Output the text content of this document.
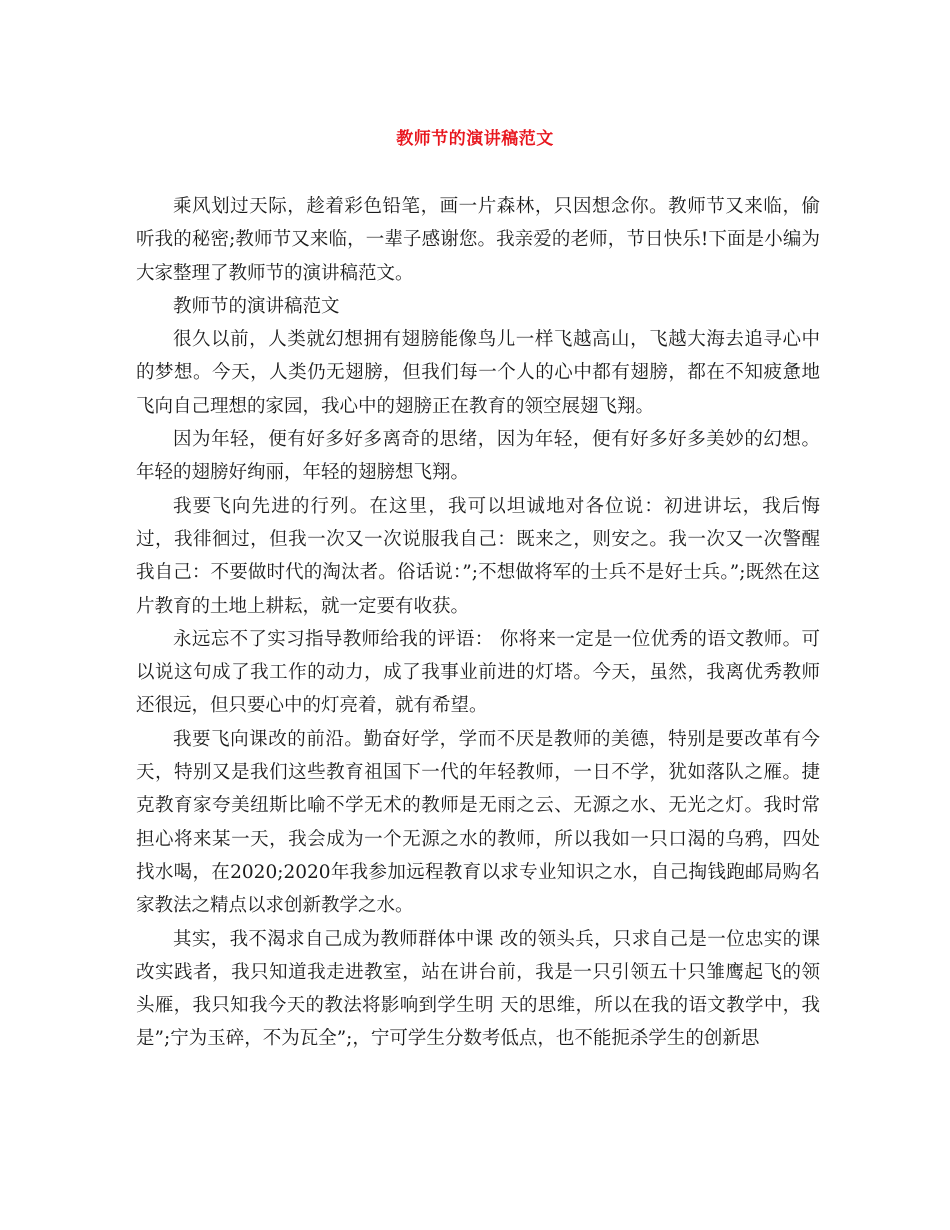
教师节的演讲稿范文

乘风划过天际，趁着彩色铅笔，画一片森林，只因想念你。教师节又来临，偷听我的秘密;教师节又来临，一辈子感谢您。我亲爱的老师，节日快乐!下面是小编为大家整理了教师节的演讲稿范文。

教师节的演讲稿范文

很久以前，人类就幻想拥有翅膀能像鸟儿一样飞越高山，飞越大海去追寻心中的梦想。今天，人类仍无翅膀，但我们每一个人的心中都有翅膀，都在不知疲惫地飞向自己理想的家园，我心中的翅膀正在教育的领空展翅飞翔。

因为年轻，便有好多好多离奇的思绪，因为年轻，便有好多好多美妙的幻想。年轻的翅膀好绚丽，年轻的翅膀想飞翔。

我要飞向先进的行列。在这里，我可以坦诚地对各位说：初进讲坛，我后悔过，我徘徊过，但我一次又一次说服我自己：既来之，则安之。我一次又一次警醒我自己：不要做时代的淘汰者。俗话说：”;不想做将军的士兵不是好士兵。”;既然在这片教育的土地上耕耘，就一定要有收获。

永远忘不了实习指导教师给我的评语： 你将来一定是一位优秀的语文教师。可以说这句成了我工作的动力，成了我事业前进的灯塔。今天，虽然，我离优秀教师还很远，但只要心中的灯亮着，就有希望。

我要飞向课改的前沿。勤奋好学，学而不厌是教师的美德，特别是要改革有今天，特别又是我们这些教育祖国下一代的年轻教师，一日不学，犹如落队之雁。捷克教育家夸美纽斯比喻不学无术的教师是无雨之云、无源之水、无光之灯。我时常担心将来某一天，我会成为一个无源之水的教师，所以我如一只口渴的乌鸦，四处找水喝，在2020;2020年我参加远程教育以求专业知识之水，自己掏钱跑邮局购名家教法之精点以求创新教学之水。

其实，我不渴求自己成为教师群体中课 改的领头兵，只求自己是一位忠实的课改实践者，我只知道我走进教室，站在讲台前，我是一只引领五十只雏鹰起飞的领头雁，我只知我今天的教法将影响到学生明 天的思维，所以在我的语文教学中，我是”;宁为玉碎，不为瓦全”;，宁可学生分数考低点，也不能扼杀学生的创新思
